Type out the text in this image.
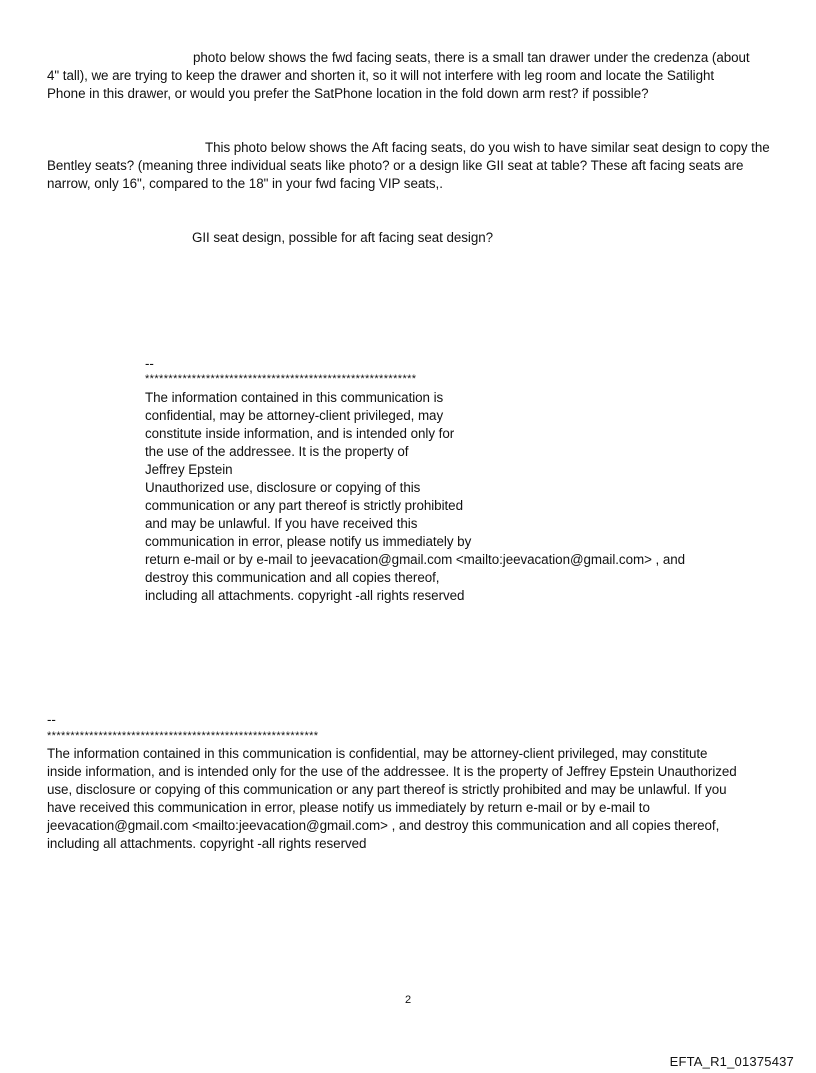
photo below shows the fwd facing seats, there is a small tan drawer under the credenza (about
4" tall), we are trying to keep the drawer and shorten it, so it will not interfere with leg room and locate the Satilight
Phone in this drawer, or would you prefer the SatPhone location in the fold down arm rest? if possible?
This photo below shows the Aft facing seats, do you wish to have similar seat design to copy the
Bentley seats? (meaning three individual seats like photo? or a design like GII seat at table? These aft facing seats are
narrow, only 16", compared to the 18" in your fwd facing VIP seats,.
GII seat design, possible for aft facing seat design?
--
**********************************************************
The information contained in this communication is
confidential, may be attorney-client privileged, may
constitute inside information, and is intended only for
the use of the addressee. It is the property of
Jeffrey Epstein
Unauthorized use, disclosure or copying of this
communication or any part thereof is strictly prohibited
and may be unlawful. If you have received this
communication in error, please notify us immediately by
return e-mail or by e-mail to jeevacation@gmail.com <mailto:jeevacation@gmail.com> , and
destroy this communication and all copies thereof,
including all attachments. copyright -all rights reserved
--
**********************************************************
The information contained in this communication is confidential, may be attorney-client privileged, may constitute
inside information, and is intended only for the use of the addressee. It is the property of Jeffrey Epstein Unauthorized
use, disclosure or copying of this communication or any part thereof is strictly prohibited and may be unlawful. If you
have received this communication in error, please notify us immediately by return e-mail or by e-mail to
jeevacation@gmail.com <mailto:jeevacation@gmail.com> , and destroy this communication and all copies thereof,
including all attachments. copyright -all rights reserved
2
EFTA_R1_01375437
